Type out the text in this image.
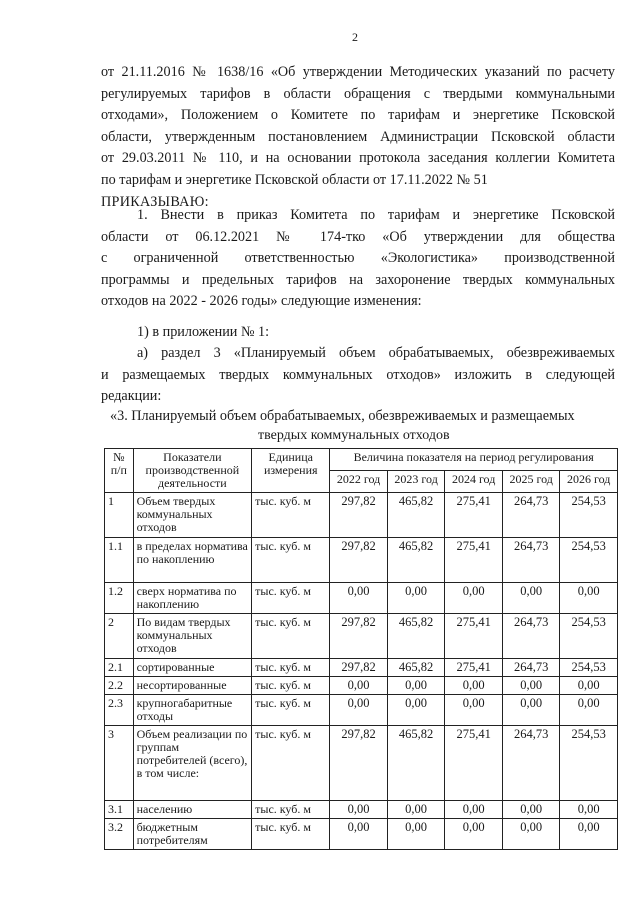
2
от 21.11.2016 № 1638/16 «Об утверждении Методических указаний по расчету
регулируемых тарифов в области обращения с твердыми коммунальными
отходами», Положением о Комитете по тарифам и энергетике Псковской
области, утвержденным постановлением Администрации Псковской области
от 29.03.2011 № 110, и на основании протокола заседания коллегии Комитета
по тарифам и энергетике Псковской области от 17.11.2022 № 51
ПРИКАЗЫВАЮ:
1. Внести в приказ Комитета по тарифам и энергетике Псковской
области от 06.12.2021 № 174-тко «Об утверждении для общества
с ограниченной ответственностью «Экологистика» производственной
программы и предельных тарифов на захоронение твердых коммунальных
отходов на 2022 - 2026 годы» следующие изменения:
1) в приложении № 1:
а) раздел 3 «Планируемый объем обрабатываемых, обезвреживаемых
и размещаемых твердых коммунальных отходов» изложить в следующей
редакции:
«3. Планируемый объем обрабатываемых, обезвреживаемых и размещаемых
твердых коммунальных отходов
№ п/п	Показатели производственной деятельности	Единица измерения	Величина показателя на период регулирования				
			2022 год	2023 год	2024 год	2025 год	2026 год
1	Объем твердых коммунальных отходов	тыс. куб. м	297,82	465,82	275,41	264,73	254,53
1.1	в пределах норматива по накоплению	тыс. куб. м	297,82	465,82	275,41	264,73	254,53
1.2	сверх норматива по накоплению	тыс. куб. м	0,00	0,00	0,00	0,00	0,00
2	По видам твердых коммунальных отходов	тыс. куб. м	297,82	465,82	275,41	264,73	254,53
2.1	сортированные	тыс. куб. м	297,82	465,82	275,41	264,73	254,53
2.2	несортированные	тыс. куб. м	0,00	0,00	0,00	0,00	0,00
2.3	крупногабаритные отходы	тыс. куб. м	0,00	0,00	0,00	0,00	0,00
3	Объем реализации по группам потребителей (всего), в том числе:	тыс. куб. м	297,82	465,82	275,41	264,73	254,53
3.1	населению	тыс. куб. м	0,00	0,00	0,00	0,00	0,00
3.2	бюджетным потребителям	тыс. куб. м	0,00	0,00	0,00	0,00	0,00
